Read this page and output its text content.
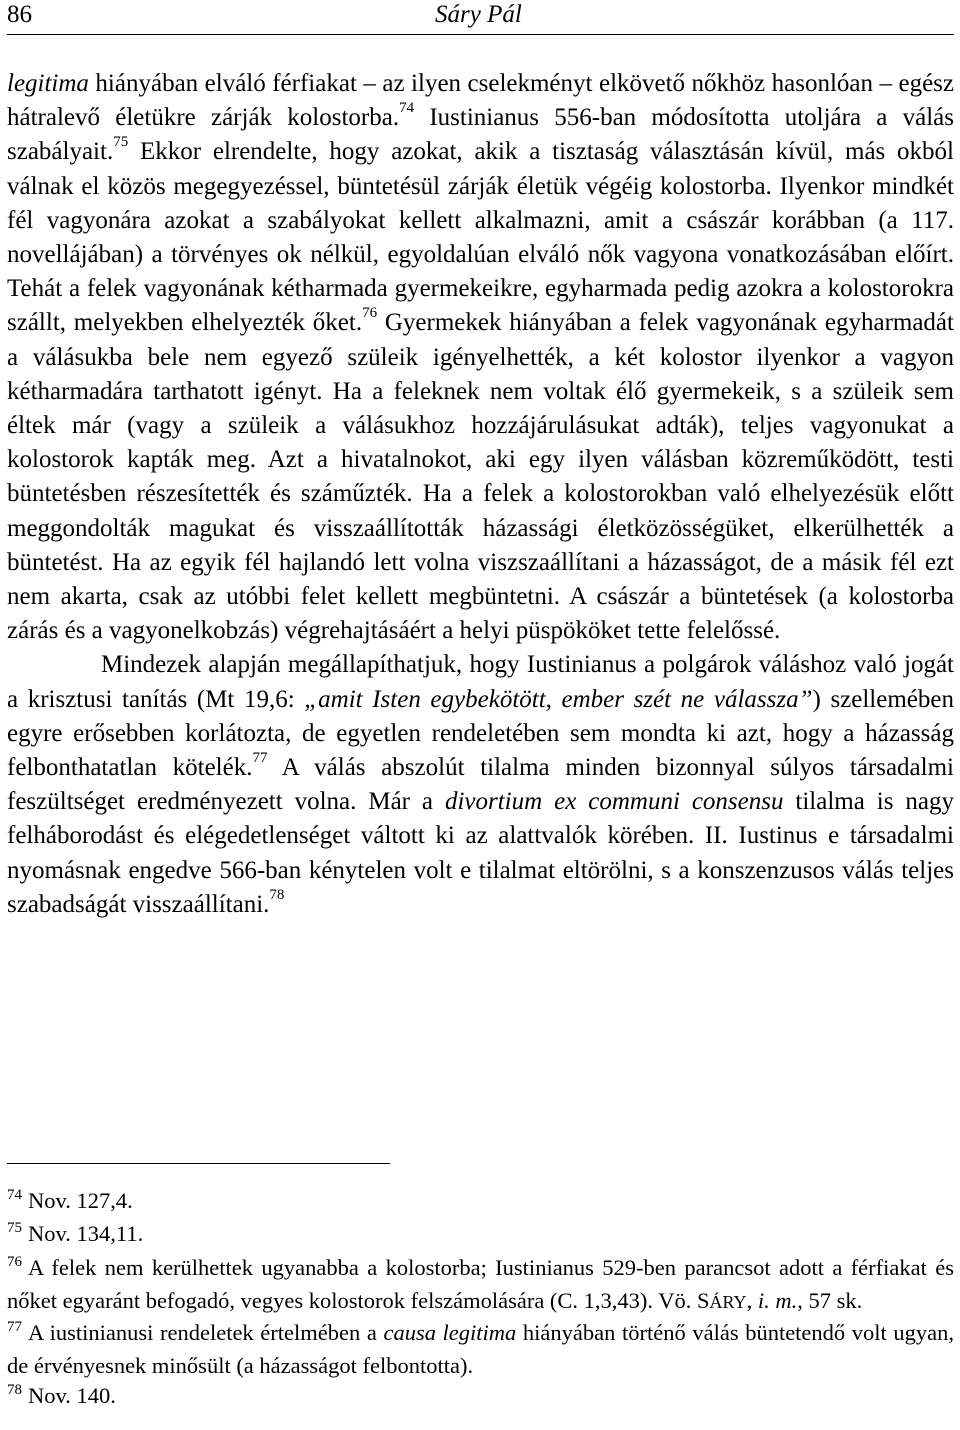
86	Sáry Pál

legitima hiányában elváló férfiakat – az ilyen cselekményt elkövető nőkhöz hasonlóan – egész hátralevő életükre zárják kolostorba.$^{74}$ Iustinianus 556-ban módosította utoljára a válás szabályait.$^{75}$ Ekkor elrendelte, hogy azokat, akik a tisztaság választásán kívül, más okból válnak el közös megegyezéssel, büntetésül zárják életük végéig kolostorba. Ilyenkor mindkét fél vagyonára azokat a szabályokat kellett alkalmazni, amit a császár korábban (a 117. novellájában) a törvényes ok nélkül, egyoldalúan elváló nők vagyona vonatkozásában előírt. Tehát a felek vagyonának kétharmada gyermekeikre, egyharmada pedig azokra a kolostorokra szállt, melyekben elhelyezték őket.$^{76}$ Gyermekek hiányában a felek vagyonának egyharmadát a válásukba bele nem egyező szüleik igényelhették, a két kolostor ilyenkor a vagyon kétharmadára tarthatott igényt. Ha a feleknek nem voltak élő gyermekeik, s a szüleik sem éltek már (vagy a szüleik a válásukhoz hozzájárulásukat adták), teljes vagyonukat a kolostorok kapták meg. Azt a hivatalnokot, aki egy ilyen válásban közreműködött, testi büntetésben részesítették és száműzték. Ha a felek a kolostorokban való elhelyezésük előtt meggondolták magukat és visszaállították házassági életközösségüket, elkerülhették a büntetést. Ha az egyik fél hajlandó lett volna viszszaállítani a házasságot, de a másik fél ezt nem akarta, csak az utóbbi felet kellett megbüntetni. A császár a büntetések (a kolostorba zárás és a vagyonelkobzás) végrehajtásáért a helyi püspököket tette felelőssé.

Mindezek alapján megállapíthatjuk, hogy Iustinianus a polgárok váláshoz való jogát a krisztusi tanítás (Mt 19,6: „amit Isten egybekötött, ember szét ne válassza”) szellemében egyre erősebben korlátozta, de egyetlen rendeletében sem mondta ki azt, hogy a házasság felbonthatatlan kötelék.$^{77}$ A válás abszolút tilalma minden bizonnyal súlyos társadalmi feszültséget eredményezett volna. Már a divortium ex communi consensu tilalma is nagy felháborodást és elégedetlenséget váltott ki az alattvalók körében. II. Iustinus e társadalmi nyomásnak engedve 566-ban kénytelen volt e tilalmat eltörölni, s a konszenzusos válás teljes szabadságát visszaállítani.$^{78}$

$^{74}$ Nov. 127,4.

$^{75}$ Nov. 134,11.

$^{76}$ A felek nem kerülhettek ugyanabba a kolostorba; Iustinianus 529-ben parancsot adott a férfiakat és nőket egyaránt befogadó, vegyes kolostorok felszámolására (C. 1,3,43). Vö. SÁRY, i. m., 57 sk.

$^{77}$ A iustinianusi rendeletek értelmében a causa legitima hiányában történő válás büntetendő volt ugyan, de érvényesnek minősült (a házasságot felbontotta).

$^{78}$ Nov. 140.
